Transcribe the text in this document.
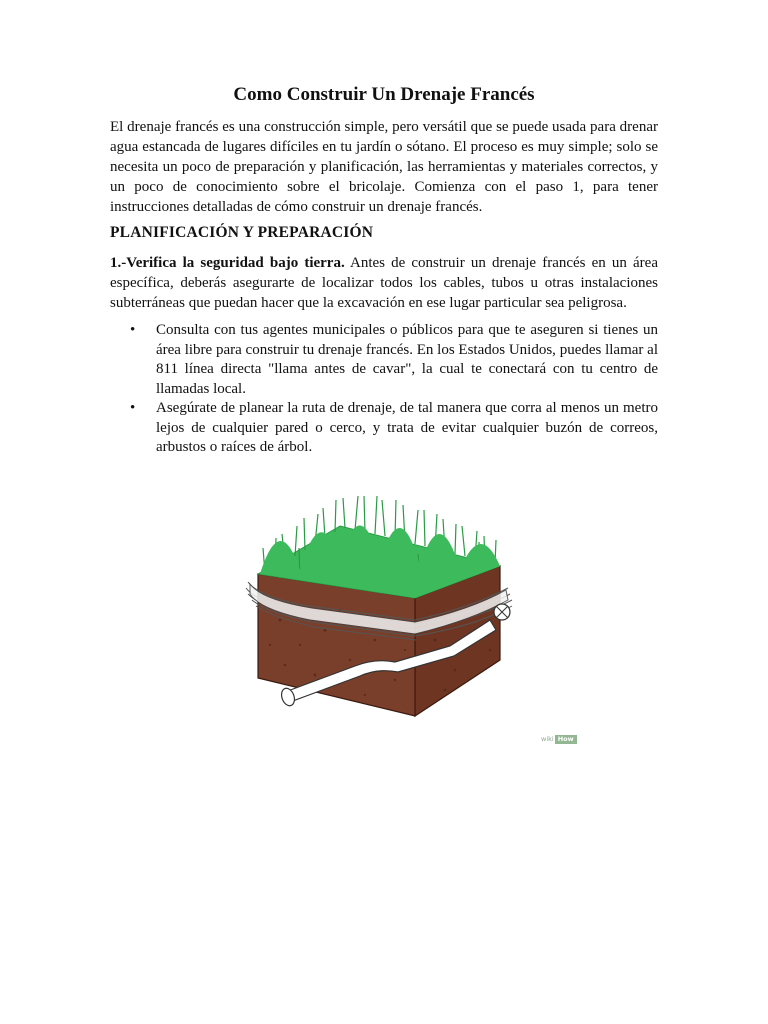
Como Construir Un Drenaje Francés

El drenaje francés es una construcción simple, pero versátil que se puede usada para drenar agua estancada de lugares difíciles en tu jardín o sótano. El proceso es muy simple; solo se necesita un poco de preparación y planificación, las herramientas y materiales correctos, y un poco de conocimiento sobre el bricolaje. Comienza con el paso 1, para tener instrucciones detalladas de cómo construir un drenaje francés.

PLANIFICACIÓN Y PREPARACIÓN

1.-Verifica la seguridad bajo tierra. Antes de construir un drenaje francés en un área específica, deberás asegurarte de localizar todos los cables, tubos u otras instalaciones subterráneas que puedan hacer que la excavación en ese lugar particular sea peligrosa.

• Consulta con tus agentes municipales o públicos para que te aseguren si tienes un área libre para construir tu drenaje francés. En los Estados Unidos, puedes llamar al 811 línea directa "llama antes de cavar", la cual te conectará con tu centro de llamadas local.
• Asegúrate de planear la ruta de drenaje, de tal manera que corra al menos un metro lejos de cualquier pared o cerco, y trata de evitar cualquier buzón de correos, arbustos o raíces de árbol.
wiki How
